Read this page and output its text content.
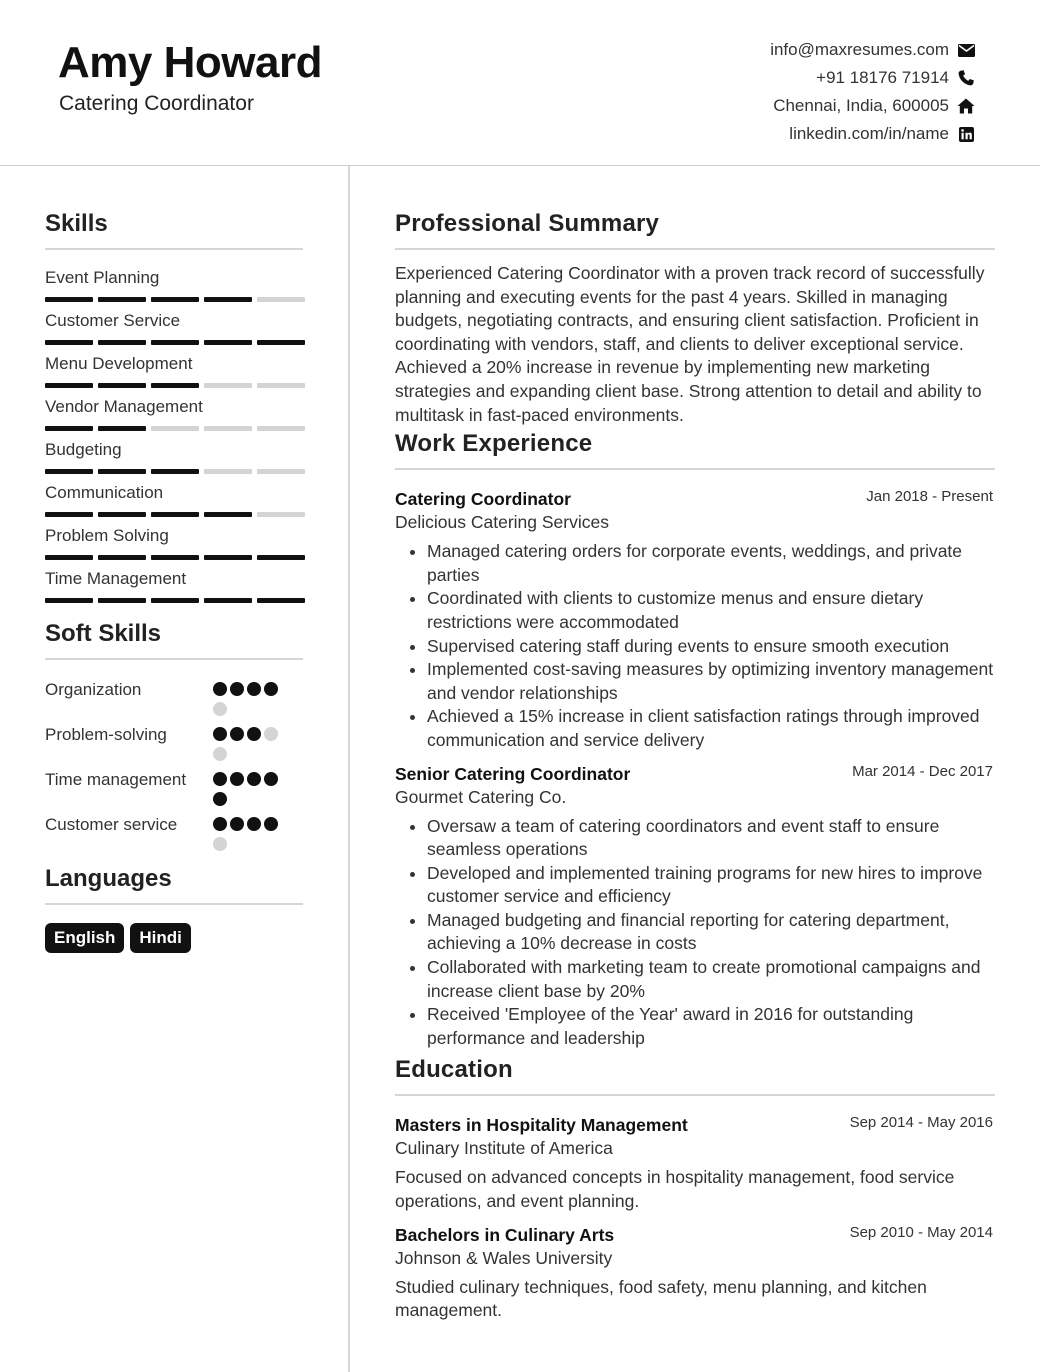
Amy Howard
Catering Coordinator
info@maxresumes.com
+91 18176 71914
Chennai, India, 600005
linkedin.com/in/name
Skills
Event Planning
Customer Service
Menu Development
Vendor Management
Budgeting
Communication
Problem Solving
Time Management
Soft Skills
Organization
Problem-solving
Time management
Customer service
Languages
English	Hindi
Professional Summary

Experienced Catering Coordinator with a proven track record of successfully planning and executing events for the past 4 years. Skilled in managing budgets, negotiating contracts, and ensuring client satisfaction. Proficient in coordinating with vendors, staff, and clients to deliver exceptional service. Achieved a 20% increase in revenue by implementing new marketing strategies and expanding client base. Strong attention to detail and ability to multitask in fast-paced environments.

Work Experience
Catering Coordinator	Jan 2018 - Present
Delicious Catering Services
• Managed catering orders for corporate events, weddings, and private parties
• Coordinated with clients to customize menus and ensure dietary restrictions were accommodated
• Supervised catering staff during events to ensure smooth execution
• Implemented cost-saving measures by optimizing inventory management and vendor relationships
• Achieved a 15% increase in client satisfaction ratings through improved communication and service delivery
Senior Catering Coordinator	Mar 2014 - Dec 2017
Gourmet Catering Co.
• Oversaw a team of catering coordinators and event staff to ensure seamless operations
• Developed and implemented training programs for new hires to improve customer service and efficiency
• Managed budgeting and financial reporting for catering department, achieving a 10% decrease in costs
• Collaborated with marketing team to create promotional campaigns and increase client base by 20%
• Received 'Employee of the Year' award in 2016 for outstanding performance and leadership
Education
Masters in Hospitality Management	Sep 2014 - May 2016
Culinary Institute of America

Focused on advanced concepts in hospitality management, food service operations, and event planning.

Bachelors in Culinary Arts	Sep 2010 - May 2014
Johnson & Wales University

Studied culinary techniques, food safety, menu planning, and kitchen management.
